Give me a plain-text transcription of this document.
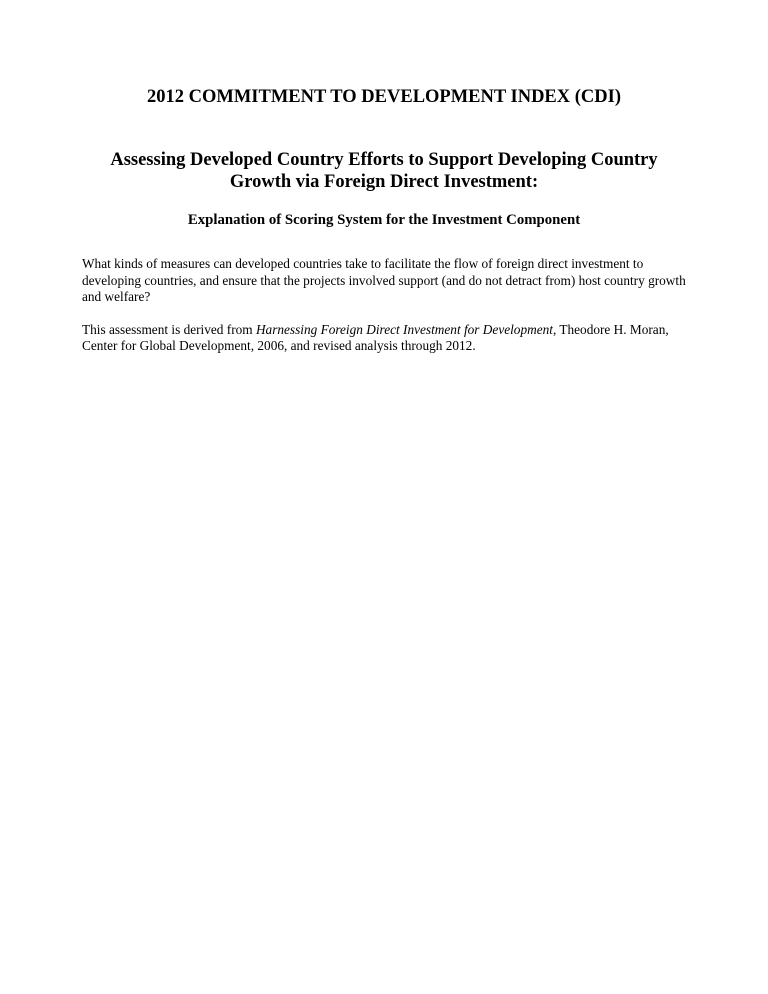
2012 COMMITMENT TO DEVELOPMENT INDEX (CDI)
Assessing Developed Country Efforts to Support Developing Country
Growth via Foreign Direct Investment:
Explanation of Scoring System for the Investment Component

What kinds of measures can developed countries take to facilitate the flow of foreign direct investment to developing countries, and ensure that the projects involved support (and do not detract from) host country growth and welfare?

This assessment is derived from Harnessing Foreign Direct Investment for Development, Theodore H. Moran, Center for Global Development, 2006, and revised analysis through 2012.
